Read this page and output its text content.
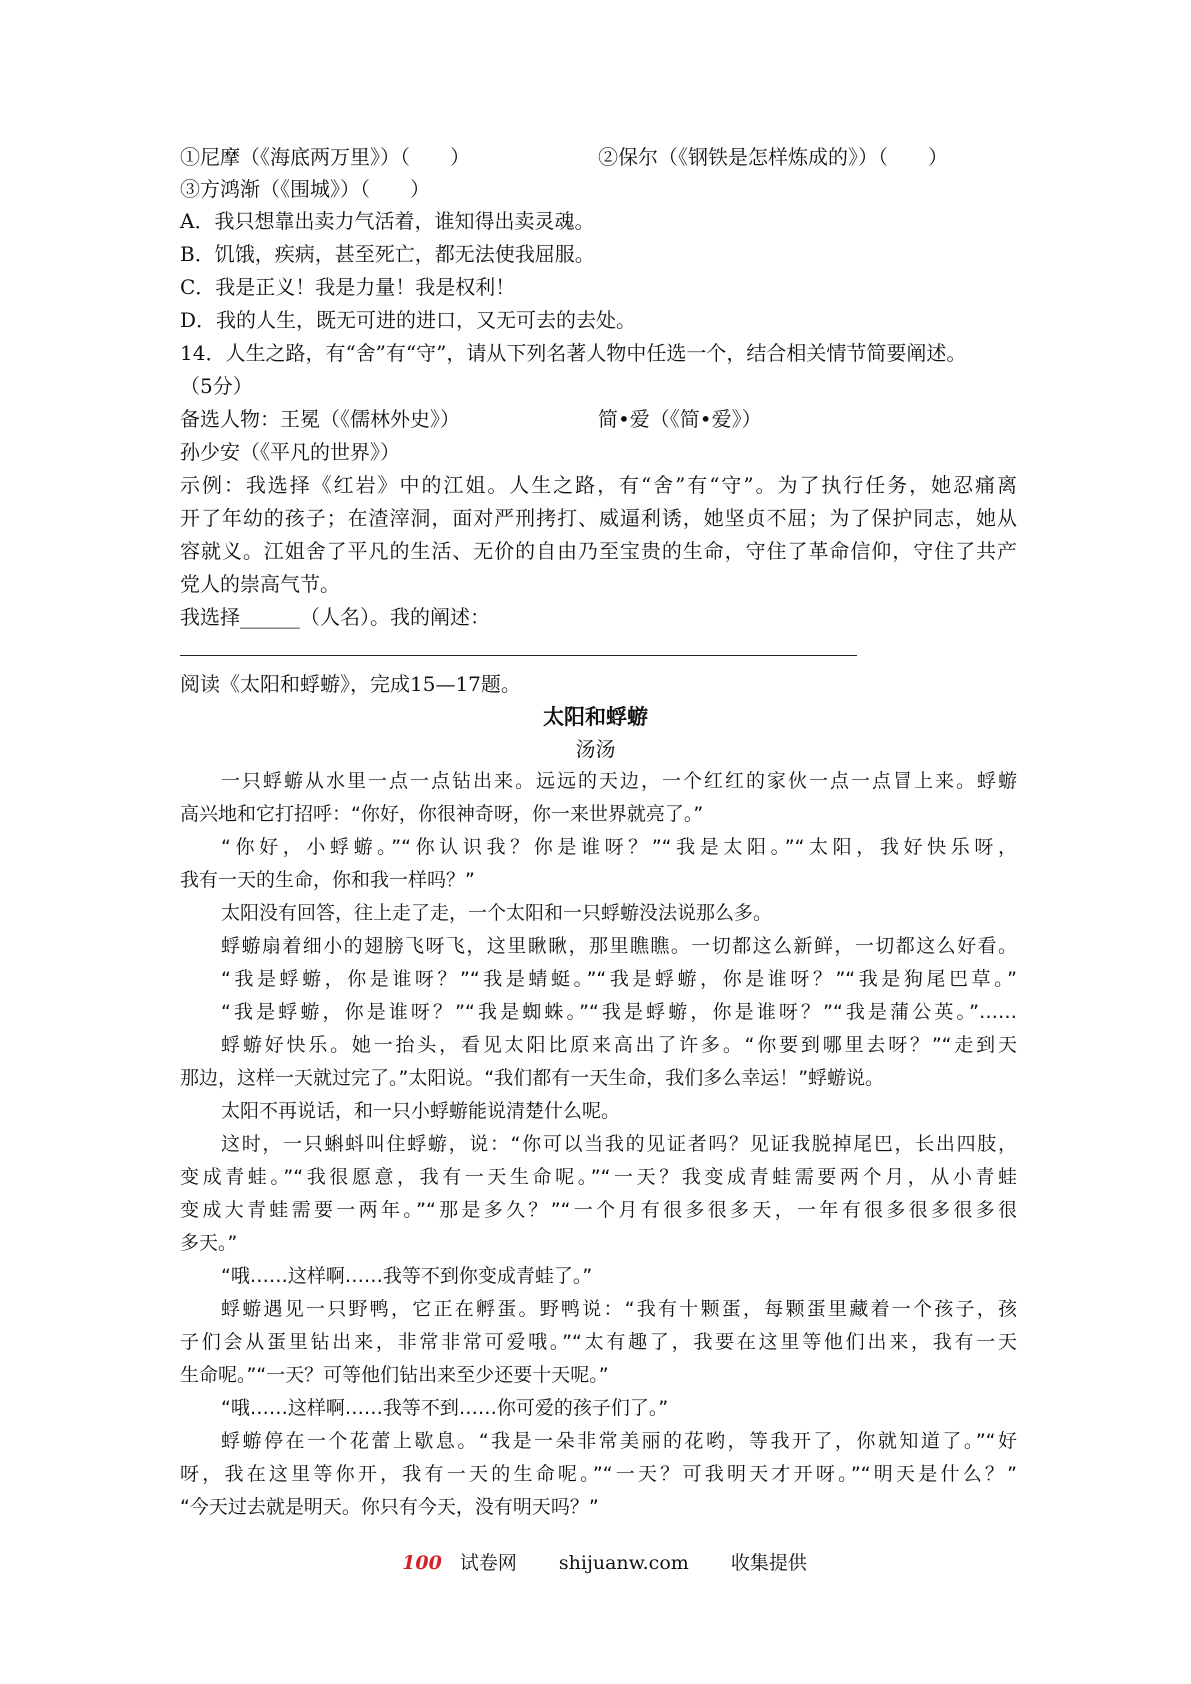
①尼摩（《海底两万里》）（　　）	②保尔（《钢铁是怎样炼成的》）（　　）
③方鸿渐（《围城》）（　　）
A．我只想靠出卖力气活着，谁知得出卖灵魂。
B．饥饿，疾病，甚至死亡，都无法使我屈服。
C．我是正义！我是力量！我是权利！
D．我的人生，既无可进的进口，又无可去的去处。
14．人生之路，有“舍”有“守”，请从下列名著人物中任选一个，结合相关情节简要阐述。
（5分）
备选人物：王冕（《儒林外史》）	简•爱（《简•爱》）
孙少安（《平凡的世界》）
示例：我选择《红岩》中的江姐。人生之路，有“舍”有“守”。为了执行任务，她忍痛离
开了年幼的孩子；在渣滓洞，面对严刑拷打、威逼利诱，她坚贞不屈；为了保护同志，她从
容就义。江姐舍了平凡的生活、无价的自由乃至宝贵的生命，守住了革命信仰，守住了共产
党人的崇高气节。
我选择______（人名）。我的阐述：
阅读《太阳和蜉蝣》，完成15—17题。
太阳和蜉蝣
汤汤
一只蜉蝣从水里一点一点钻出来。远远的天边，一个红红的家伙一点一点冒上来。蜉蝣
高兴地和它打招呼：“你好，你很神奇呀，你一来世界就亮了。”
“你好，小蜉蝣。”“你认识我？你是谁呀？”“我是太阳。”“太阳，我好快乐呀，
我有一天的生命，你和我一样吗？”
太阳没有回答，往上走了走，一个太阳和一只蜉蝣没法说那么多。
蜉蝣扇着细小的翅膀飞呀飞，这里瞅瞅，那里瞧瞧。一切都这么新鲜，一切都这么好看。
“我是蜉蝣，你是谁呀？”“我是蜻蜓。”“我是蜉蝣，你是谁呀？”“我是狗尾巴草。”
“我是蜉蝣，你是谁呀？”“我是蜘蛛。”“我是蜉蝣，你是谁呀？”“我是蒲公英。”……
蜉蝣好快乐。她一抬头，看见太阳比原来高出了许多。“你要到哪里去呀？”“走到天
那边，这样一天就过完了。”太阳说。“我们都有一天生命，我们多么幸运！”蜉蝣说。
太阳不再说话，和一只小蜉蝣能说清楚什么呢。
这时，一只蝌蚪叫住蜉蝣，说：“你可以当我的见证者吗？见证我脱掉尾巴，长出四肢，
变成青蛙。”“我很愿意，我有一天生命呢。”“一天？我变成青蛙需要两个月，从小青蛙
变成大青蛙需要一两年。”“那是多久？”“一个月有很多很多天，一年有很多很多很多很
多天。”
“哦……这样啊……我等不到你变成青蛙了。”
蜉蝣遇见一只野鸭，它正在孵蛋。野鸭说：“我有十颗蛋，每颗蛋里藏着一个孩子，孩
子们会从蛋里钻出来，非常非常可爱哦。”“太有趣了，我要在这里等他们出来，我有一天
生命呢。”“一天？可等他们钻出来至少还要十天呢。”
“哦……这样啊……我等不到……你可爱的孩子们了。”
蜉蝣停在一个花蕾上歇息。“我是一朵非常美丽的花哟，等我开了，你就知道了。”“好
呀，我在这里等你开，我有一天的生命呢。”“一天？可我明天才开呀。”“明天是什么？”
“今天过去就是明天。你只有今天，没有明天吗？”
100 试卷网 shijuanw.com 收集提供
